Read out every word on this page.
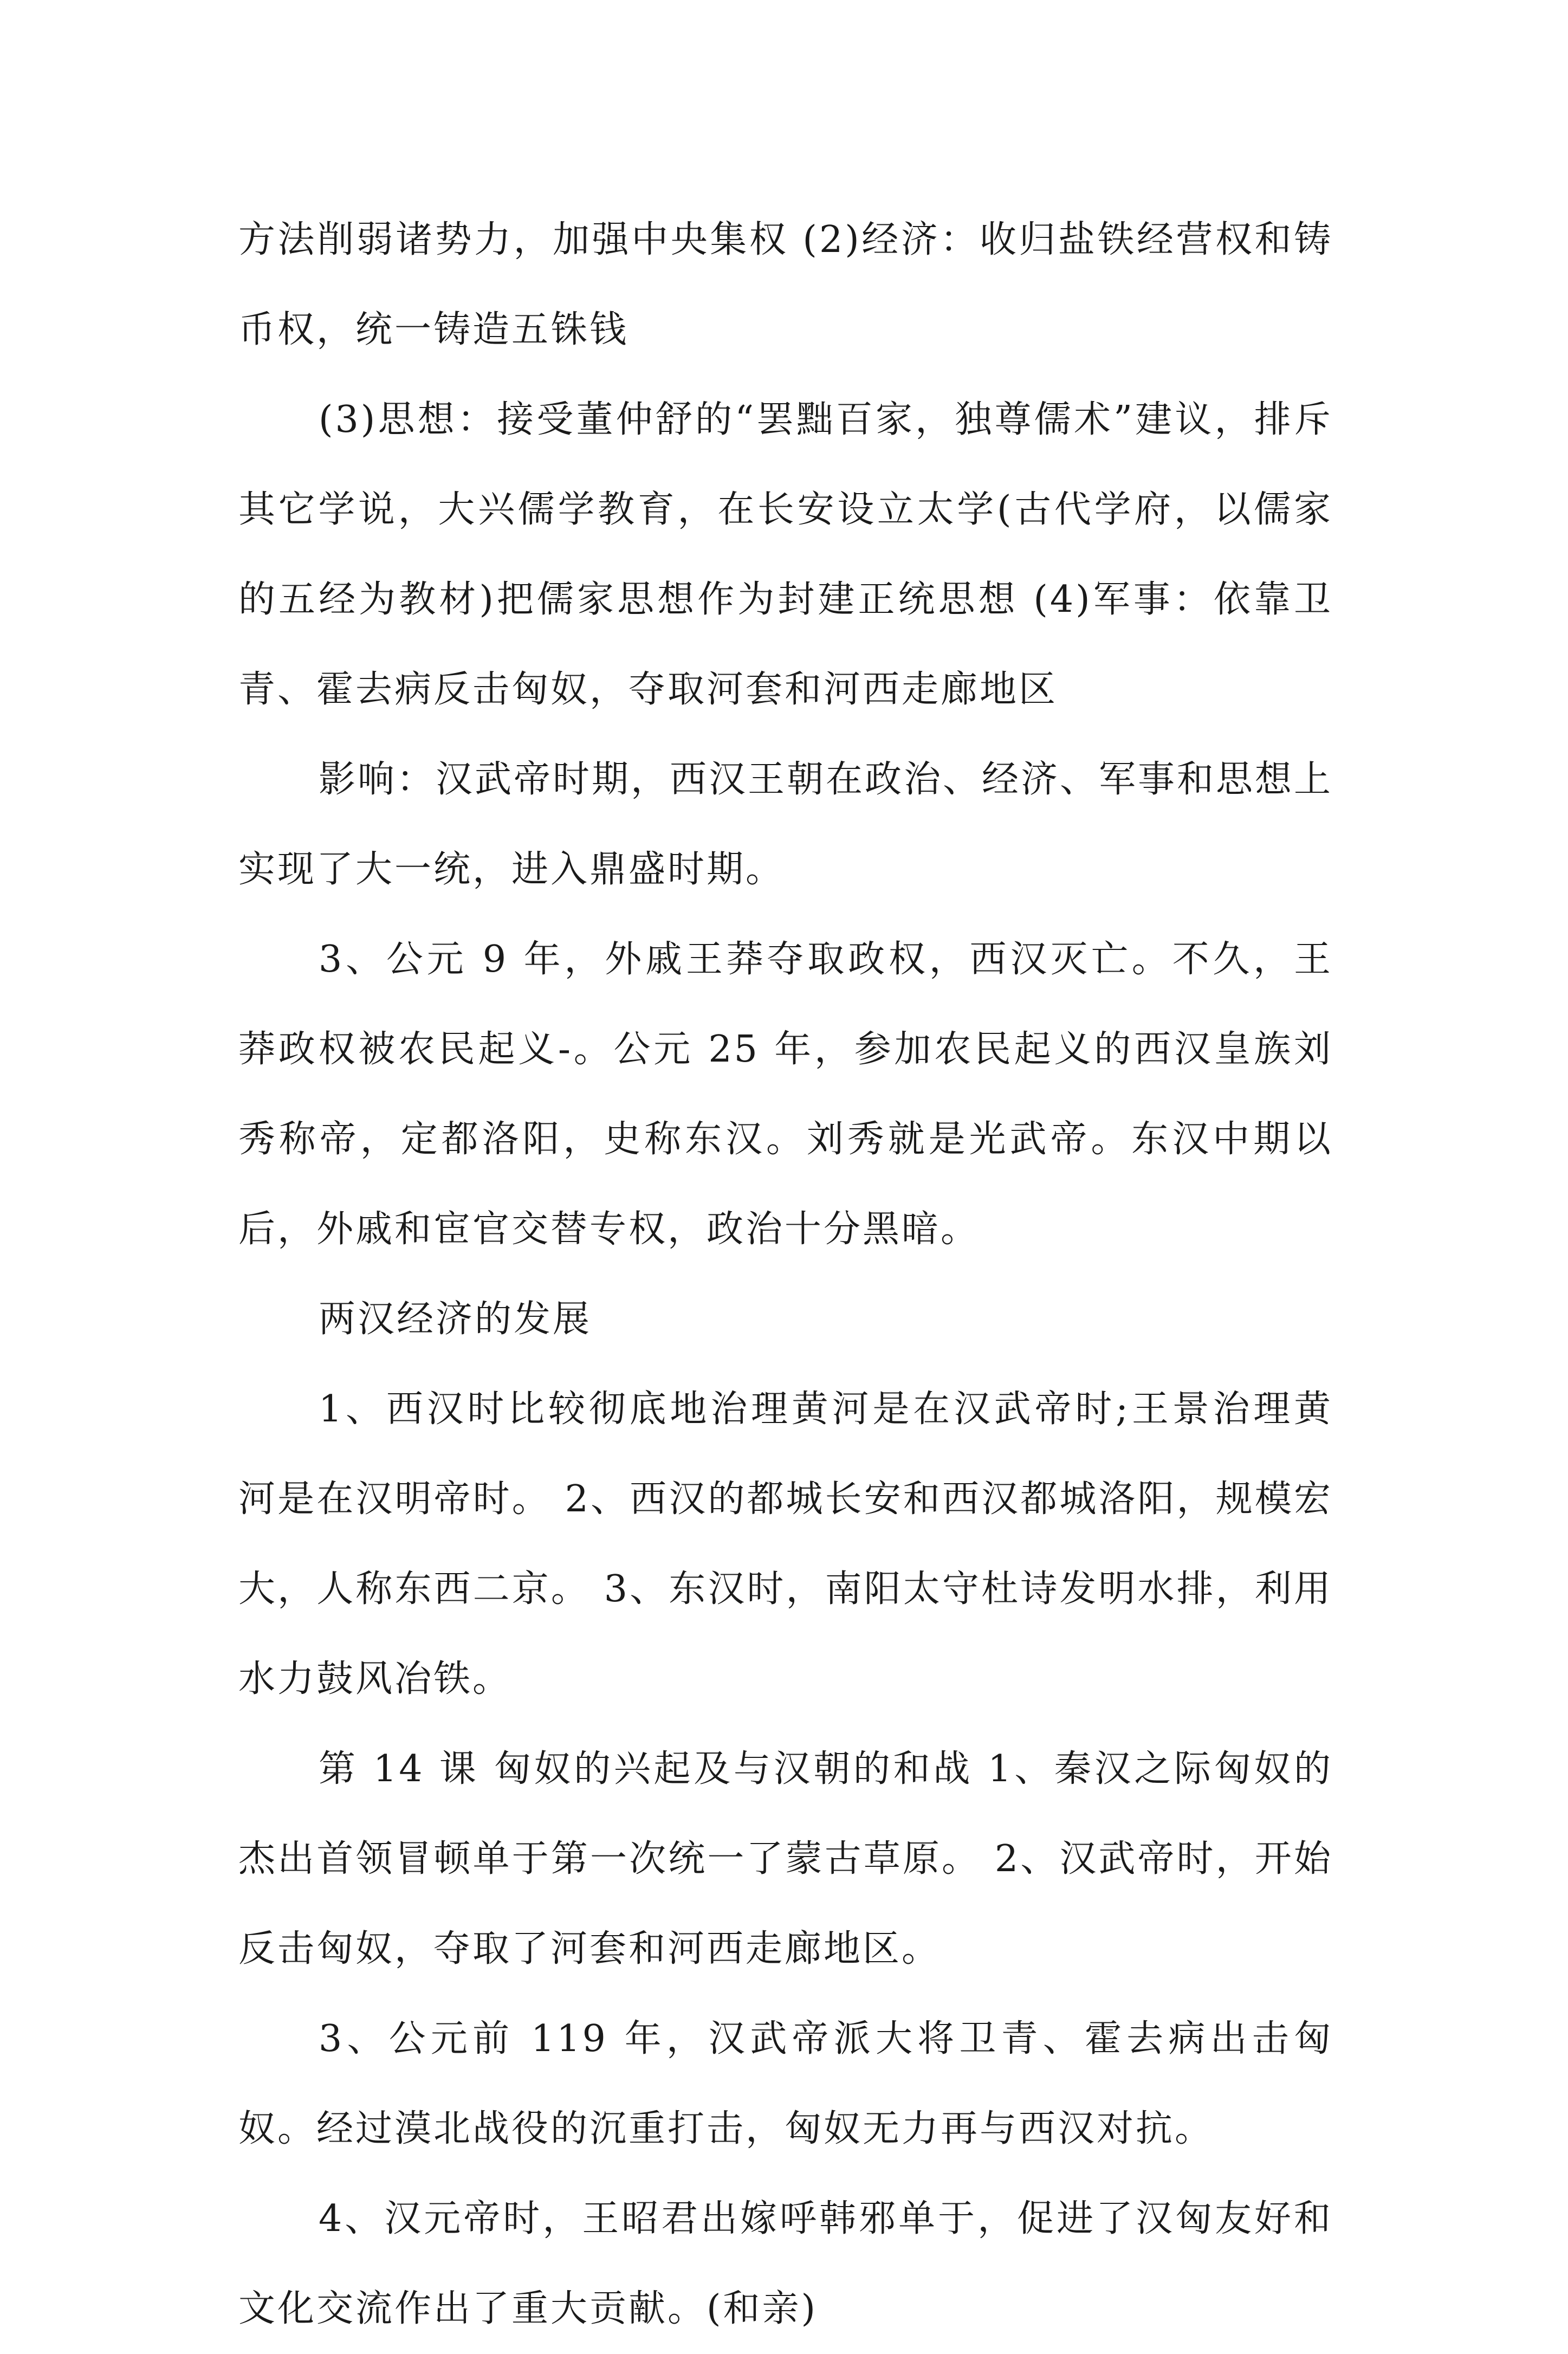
方法削弱诸势力，加强中央集权 (2)经济：收归盐铁经营权和铸币权，统一铸造五铢钱

(3)思想：接受董仲舒的“罢黜百家，独尊儒术”建议，排斥其它学说，大兴儒学教育，在长安设立太学(古代学府，以儒家的五经为教材)把儒家思想作为封建正统思想 (4)军事：依靠卫青、霍去病反击匈奴，夺取河套和河西走廊地区

影响：汉武帝时期，西汉王朝在政治、经济、军事和思想上实现了大一统，进入鼎盛时期。

3、公元 9 年，外戚王莽夺取政权，西汉灭亡。不久，王莽政权被农民起义-。公元 25 年，参加农民起义的西汉皇族刘秀称帝，定都洛阳，史称东汉。刘秀就是光武帝。东汉中期以后，外戚和宦官交替专权，政治十分黑暗。

两汉经济的发展

1、西汉时比较彻底地治理黄河是在汉武帝时;王景治理黄河是在汉明帝时。 2、西汉的都城长安和西汉都城洛阳，规模宏大，人称东西二京。 3、东汉时，南阳太守杜诗发明水排，利用水力鼓风冶铁。

第 14 课 匈奴的兴起及与汉朝的和战 1、秦汉之际匈奴的杰出首领冒顿单于第一次统一了蒙古草原。 2、汉武帝时，开始反击匈奴，夺取了河套和河西走廊地区。

3、公元前 119 年，汉武帝派大将卫青、霍去病出击匈奴。经过漠北战役的沉重打击，匈奴无力再与西汉对抗。

4、汉元帝时，王昭君出嫁呼韩邪单于，促进了汉匈友好和文化交流作出了重大贡献。(和亲)
